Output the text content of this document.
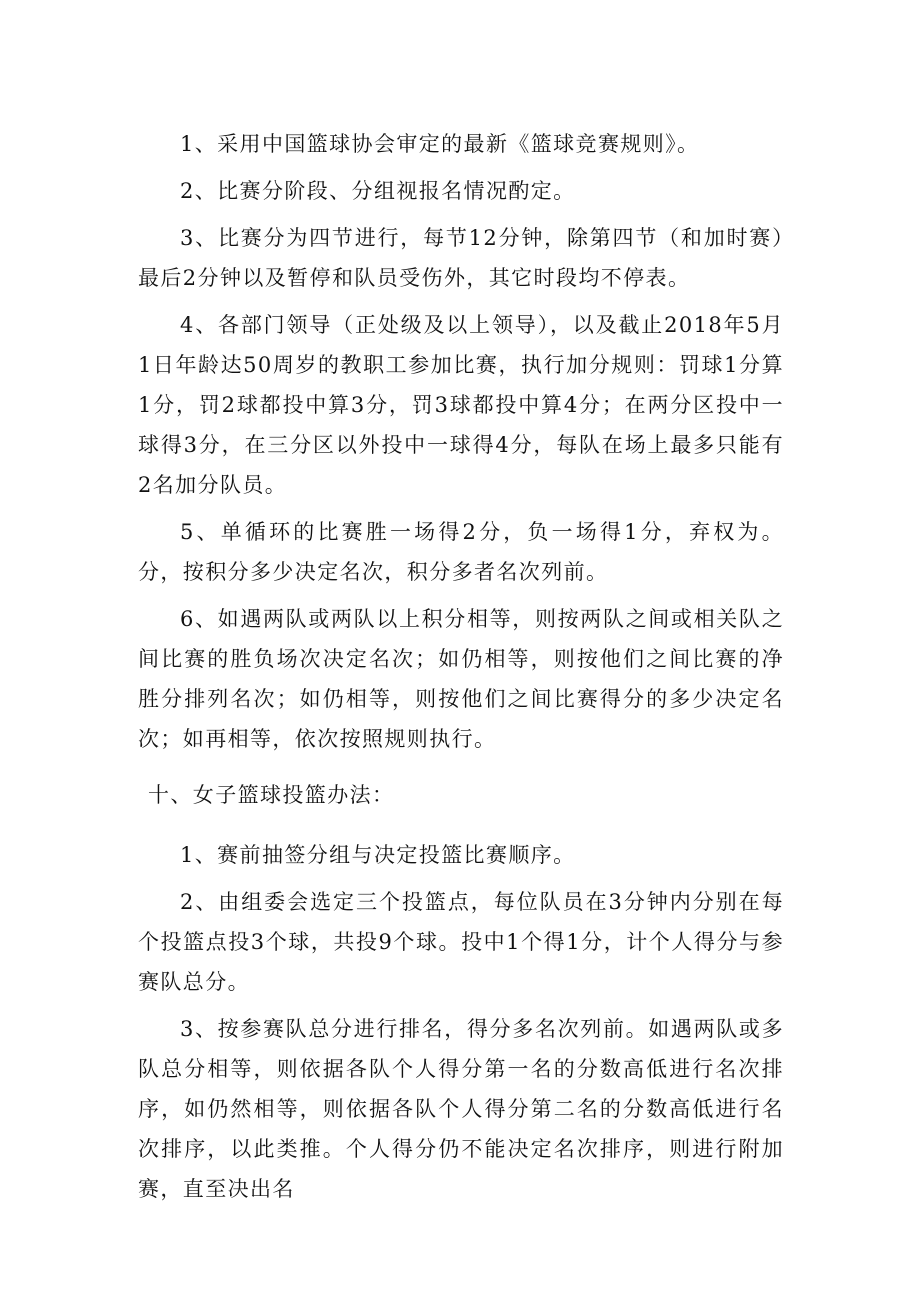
1、采用中国篮球协会审定的最新《篮球竞赛规则》。

2、比赛分阶段、分组视报名情况酌定。

3、比赛分为四节进行，每节12分钟，除第四节（和加时赛）最后2分钟以及暂停和队员受伤外，其它时段均不停表。

4、各部门领导（正处级及以上领导），以及截止2018年5月1日年龄达50周岁的教职工参加比赛，执行加分规则：罚球1分算1分，罚2球都投中算3分，罚3球都投中算4分；在两分区投中一球得3分，在三分区以外投中一球得4分，每队在场上最多只能有2名加分队员。

5、单循环的比赛胜一场得2分，负一场得1分，弃权为。分，按积分多少决定名次，积分多者名次列前。

6、如遇两队或两队以上积分相等，则按两队之间或相关队之间比赛的胜负场次决定名次；如仍相等，则按他们之间比赛的净胜分排列名次；如仍相等，则按他们之间比赛得分的多少决定名次；如再相等，依次按照规则执行。

十、女子篮球投篮办法：

1、赛前抽签分组与决定投篮比赛顺序。

2、由组委会选定三个投篮点，每位队员在3分钟内分别在每个投篮点投3个球，共投9个球。投中1个得1分，计个人得分与参赛队总分。

3、按参赛队总分进行排名，得分多名次列前。如遇两队或多队总分相等，则依据各队个人得分第一名的分数高低进行名次排序，如仍然相等，则依据各队个人得分第二名的分数高低进行名次排序，以此类推。个人得分仍不能决定名次排序，则进行附加赛，直至决出名
